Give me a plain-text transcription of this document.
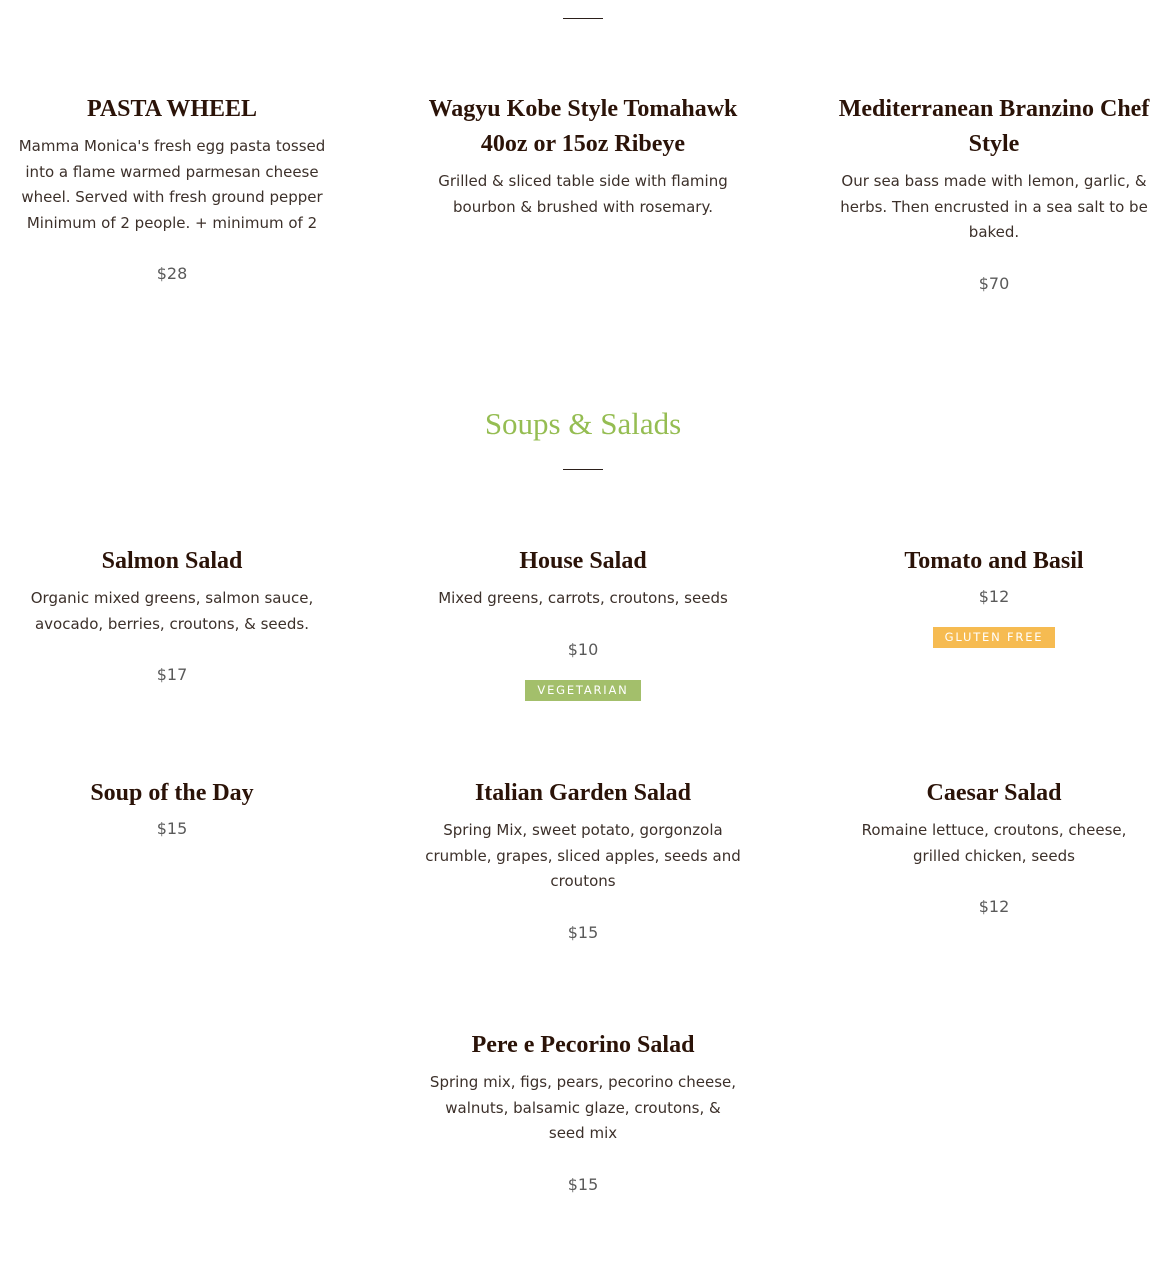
PASTA WHEEL
Mamma Monica's fresh egg pasta tossed into a flame warmed parmesan cheese wheel. Served with fresh ground pepper Minimum of 2 people. + minimum of 2
$28
Wagyu Kobe Style Tomahawk 40oz or 15oz Ribeye
Grilled & sliced table side with flaming bourbon & brushed with rosemary.
Mediterranean Branzino Chef Style
Our sea bass made with lemon, garlic, & herbs. Then encrusted in a sea salt to be baked.
$70
Soups & Salads
Salmon Salad
Organic mixed greens, salmon sauce, avocado, berries, croutons, & seeds.
$17
House Salad
Mixed greens, carrots, croutons, seeds
$10
VEGETARIAN
Tomato and Basil
$12
GLUTEN FREE
Soup of the Day
$15
Italian Garden Salad
Spring Mix, sweet potato, gorgonzola crumble, grapes, sliced apples, seeds and croutons
$15
Caesar Salad
Romaine lettuce, croutons, cheese, grilled chicken, seeds
$12
Pere e Pecorino Salad
Spring mix, figs, pears, pecorino cheese, walnuts, balsamic glaze, croutons, & seed mix
$15
